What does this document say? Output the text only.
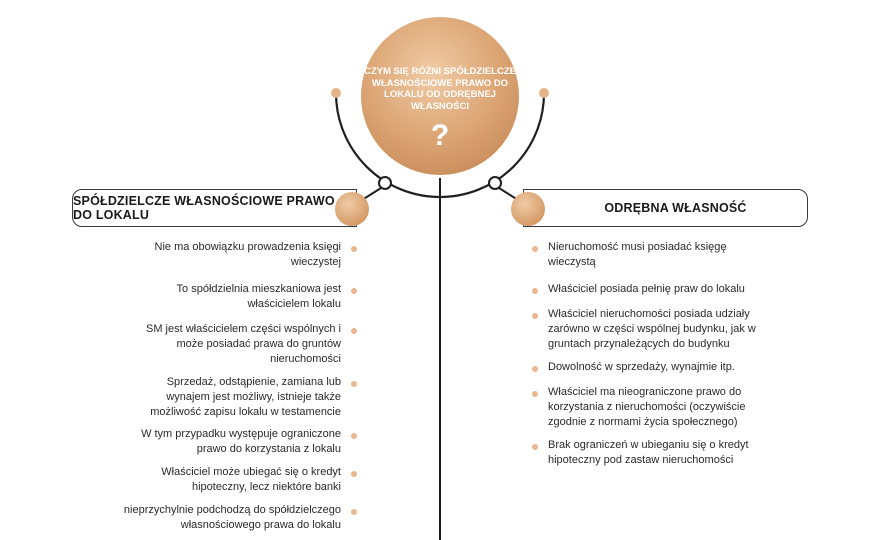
CZYM SIĘ RÓŻNI SPÓŁDZIELCZE WŁASNOŚCIOWE PRAWO DO LOKALU OD ODRĘBNEJ WŁASNOŚCI
?
SPÓŁDZIELCZE WŁASNOŚCIOWE PRAWO DO LOKALU	ODRĘBNA WŁASNOŚĆ
Nie ma obowiązku prowadzenia księgi wieczystej
To spółdzielnia mieszkaniowa jest właścicielem lokalu
SM jest właścicielem części wspólnych i może posiadać prawa do gruntów nieruchomości
Sprzedaż, odstąpienie, zamiana lub wynajem jest możliwy, istnieje także możliwość zapisu lokalu w testamencie
W tym przypadku występuje ograniczone prawo do korzystania z lokalu
Właściciel może ubiegać się o kredyt hipoteczny, lecz niektóre banki
nieprzychylnie podchodzą do spółdzielczego własnościowego prawa do lokalu
Nieruchomość musi posiadać księgę wieczystą
Właściciel posiada pełnię praw do lokalu
Właściciel nieruchomości posiada udziały zarówno w części wspólnej budynku, jak w gruntach przynależących do budynku
Dowolność w sprzedaży, wynajmie itp.
Właściciel ma nieograniczone prawo do korzystania z nieruchomości (oczywiście zgodnie z normami życia społecznego)
Brak ograniczeń w ubieganiu się o kredyt hipoteczny pod zastaw nieruchomości
